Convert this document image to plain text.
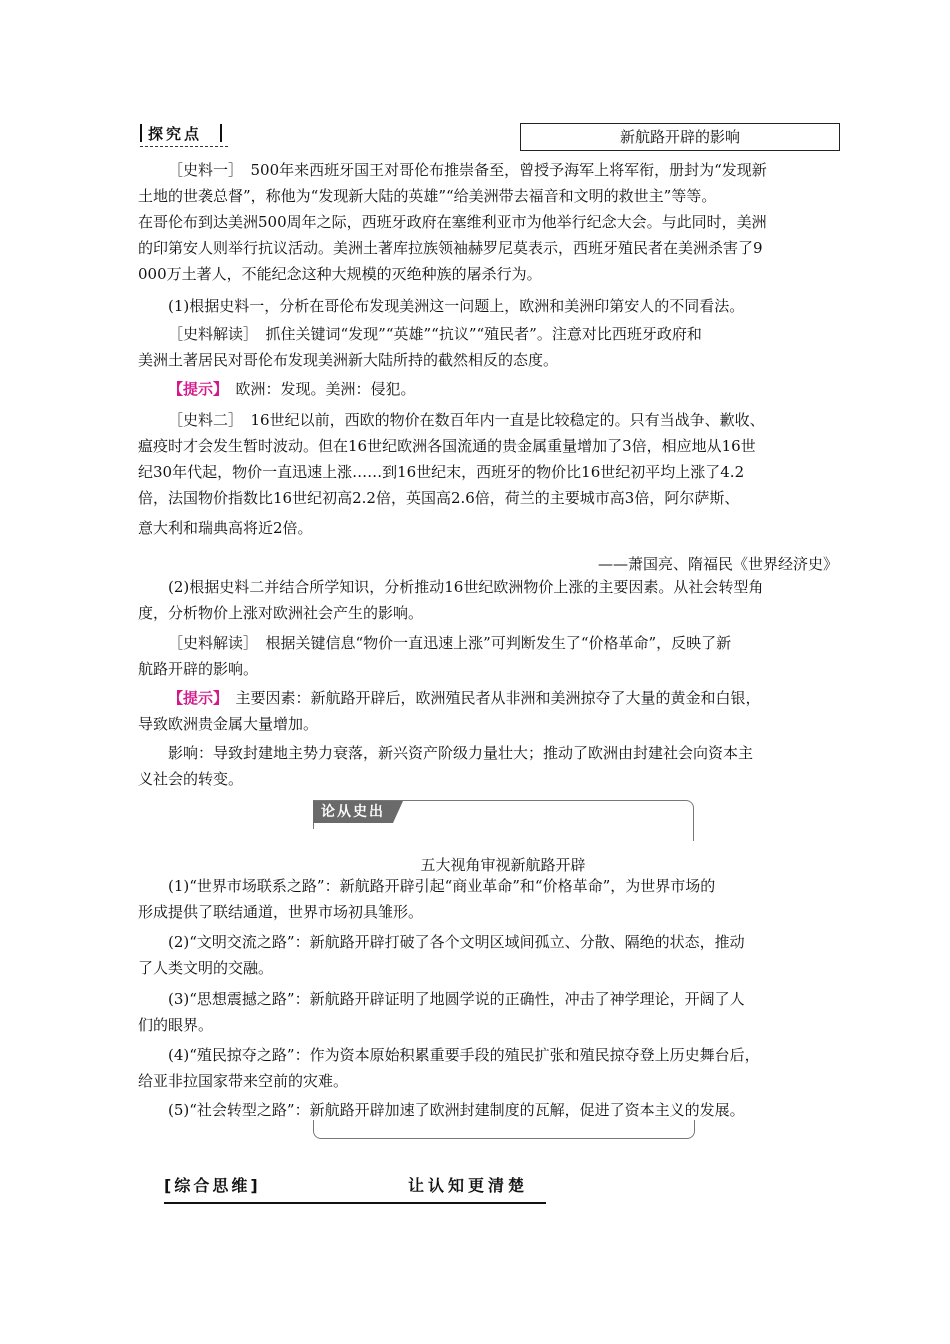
探究点	新航路开辟的影响
［史料一］　500年来西班牙国王对哥伦布推崇备至，曾授予海军上将军衔，册封为“发现新
土地的世袭总督”，称他为“发现新大陆的英雄”“给美洲带去福音和文明的救世主”等等。
在哥伦布到达美洲500周年之际，西班牙政府在塞维利亚市为他举行纪念大会。与此同时，美洲
的印第安人则举行抗议活动。美洲土著库拉族领袖赫罗尼莫表示，西班牙殖民者在美洲杀害了9
000万土著人，不能纪念这种大规模的灭绝种族的屠杀行为。
(1)根据史料一，分析在哥伦布发现美洲这一问题上，欧洲和美洲印第安人的不同看法。
［史料解读］　抓住关键词“发现”“英雄”“抗议”“殖民者”。注意对比西班牙政府和
美洲土著居民对哥伦布发现美洲新大陆所持的截然相反的态度。
【提示】　欧洲：发现。美洲：侵犯。
［史料二］　16世纪以前，西欧的物价在数百年内一直是比较稳定的。只有当战争、歉收、
瘟疫时才会发生暂时波动。但在16世纪欧洲各国流通的贵金属重量增加了3倍，相应地从16世
纪30年代起，物价一直迅速上涨……到16世纪末，西班牙的物价比16世纪初平均上涨了4.2
倍，法国物价指数比16世纪初高2.2倍，英国高2.6倍，荷兰的主要城市高3倍，阿尔萨斯、
意大利和瑞典高将近2倍。
——萧国亮、隋福民《世界经济史》
(2)根据史料二并结合所学知识，分析推动16世纪欧洲物价上涨的主要因素。从社会转型角
度，分析物价上涨对欧洲社会产生的影响。
［史料解读］　根据关键信息“物价一直迅速上涨”可判断发生了“价格革命”，反映了新
航路开辟的影响。
【提示】　主要因素：新航路开辟后，欧洲殖民者从非洲和美洲掠夺了大量的黄金和白银，
导致欧洲贵金属大量增加。
影响：导致封建地主势力衰落，新兴资产阶级力量壮大；推动了欧洲由封建社会向资本主
义社会的转变。
论从史出
五大视角审视新航路开辟
(1)“世界市场联系之路”：新航路开辟引起“商业革命”和“价格革命”，为世界市场的
形成提供了联结通道，世界市场初具雏形。
(2)“文明交流之路”：新航路开辟打破了各个文明区域间孤立、分散、隔绝的状态，推动
了人类文明的交融。
(3)“思想震撼之路”：新航路开辟证明了地圆学说的正确性，冲击了神学理论，开阔了人
们的眼界。
(4)“殖民掠夺之路”：作为资本原始积累重要手段的殖民扩张和殖民掠夺登上历史舞台后，
给亚非拉国家带来空前的灾难。
(5)“社会转型之路”：新航路开辟加速了欧洲封建制度的瓦解，促进了资本主义的发展。
[综合思维]	让认知更清楚
